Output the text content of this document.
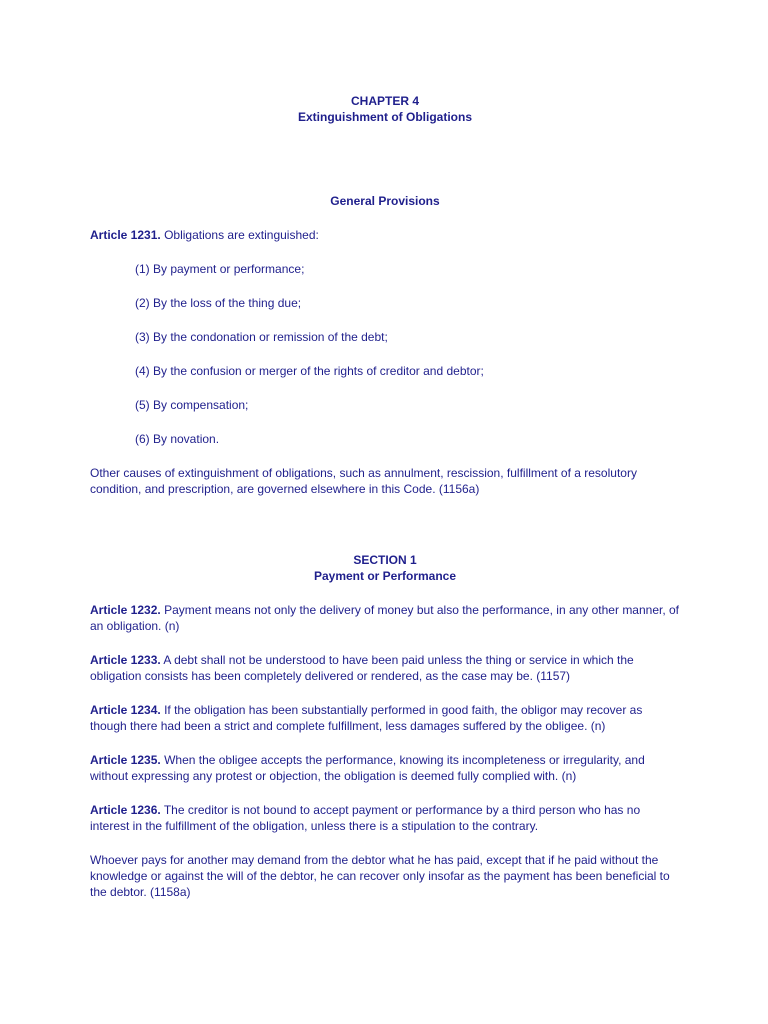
CHAPTER 4
Extinguishment of Obligations
General Provisions

Article 1231. Obligations are extinguished:

(1) By payment or performance;

(2) By the loss of the thing due;

(3) By the condonation or remission of the debt;

(4) By the confusion or merger of the rights of creditor and debtor;

(5) By compensation;

(6) By novation.

Other causes of extinguishment of obligations, such as annulment, rescission, fulfillment of a resolutory condition, and prescription, are governed elsewhere in this Code. (1156a)

SECTION 1
Payment or Performance

Article 1232. Payment means not only the delivery of money but also the performance, in any other manner, of an obligation. (n)

Article 1233. A debt shall not be understood to have been paid unless the thing or service in which the obligation consists has been completely delivered or rendered, as the case may be. (1157)

Article 1234. If the obligation has been substantially performed in good faith, the obligor may recover as though there had been a strict and complete fulfillment, less damages suffered by the obligee. (n)

Article 1235. When the obligee accepts the performance, knowing its incompleteness or irregularity, and without expressing any protest or objection, the obligation is deemed fully complied with. (n)

Article 1236. The creditor is not bound to accept payment or performance by a third person who has no interest in the fulfillment of the obligation, unless there is a stipulation to the contrary.

Whoever pays for another may demand from the debtor what he has paid, except that if he paid without the knowledge or against the will of the debtor, he can recover only insofar as the payment has been beneficial to the debtor. (1158a)
